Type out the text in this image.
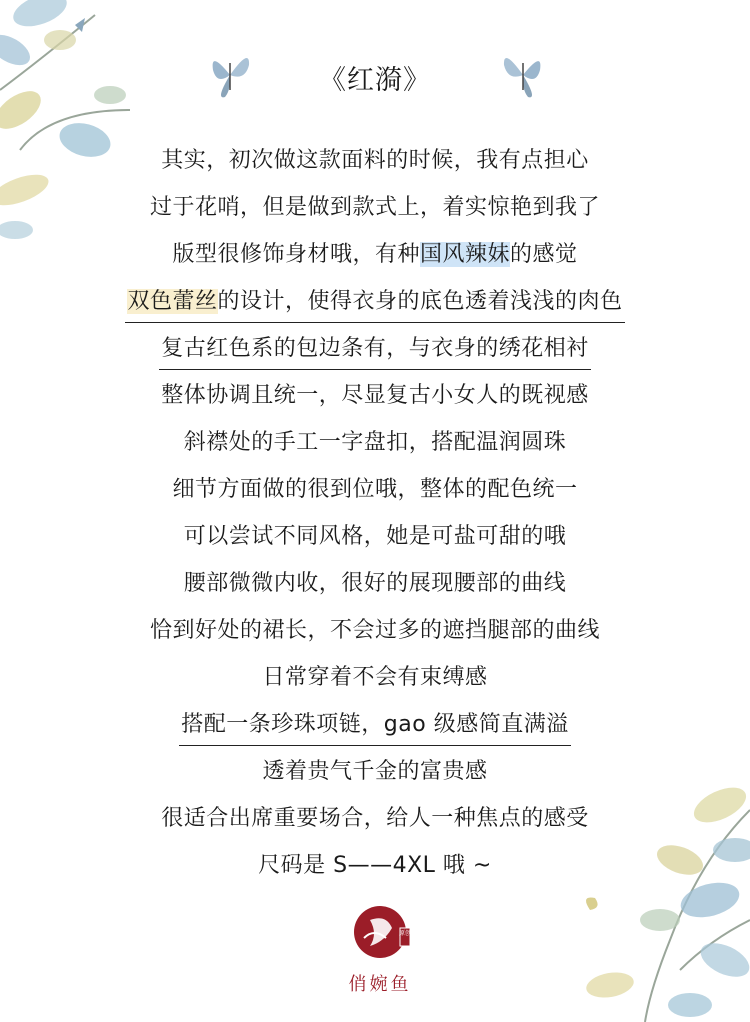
《红漪》
其实，初次做这款面料的时候，我有点担心
过于花哨，但是做到款式上，着实惊艳到我了
版型很修饰身材哦，有种国风辣妹的感觉
双色蕾丝的设计，使得衣身的底色透着浅浅的肉色
复古红色系的包边条有，与衣身的绣花相衬
整体协调且统一，尽显复古小女人的既视感
斜襟处的手工一字盘扣，搭配温润圆珠
细节方面做的很到位哦，整体的配色统一
可以尝试不同风格，她是可盐可甜的哦
腰部微微内收，很好的展现腰部的曲线
恰到好处的裙长，不会过多的遮挡腿部的曲线
日常穿着不会有束缚感
搭配一条珍珠项链，gao 级感简直满溢
透着贵气千金的富贵感
很适合出席重要场合，给人一种焦点的感受
尺码是 S——4XL 哦 ~
原创
俏婉鱼
